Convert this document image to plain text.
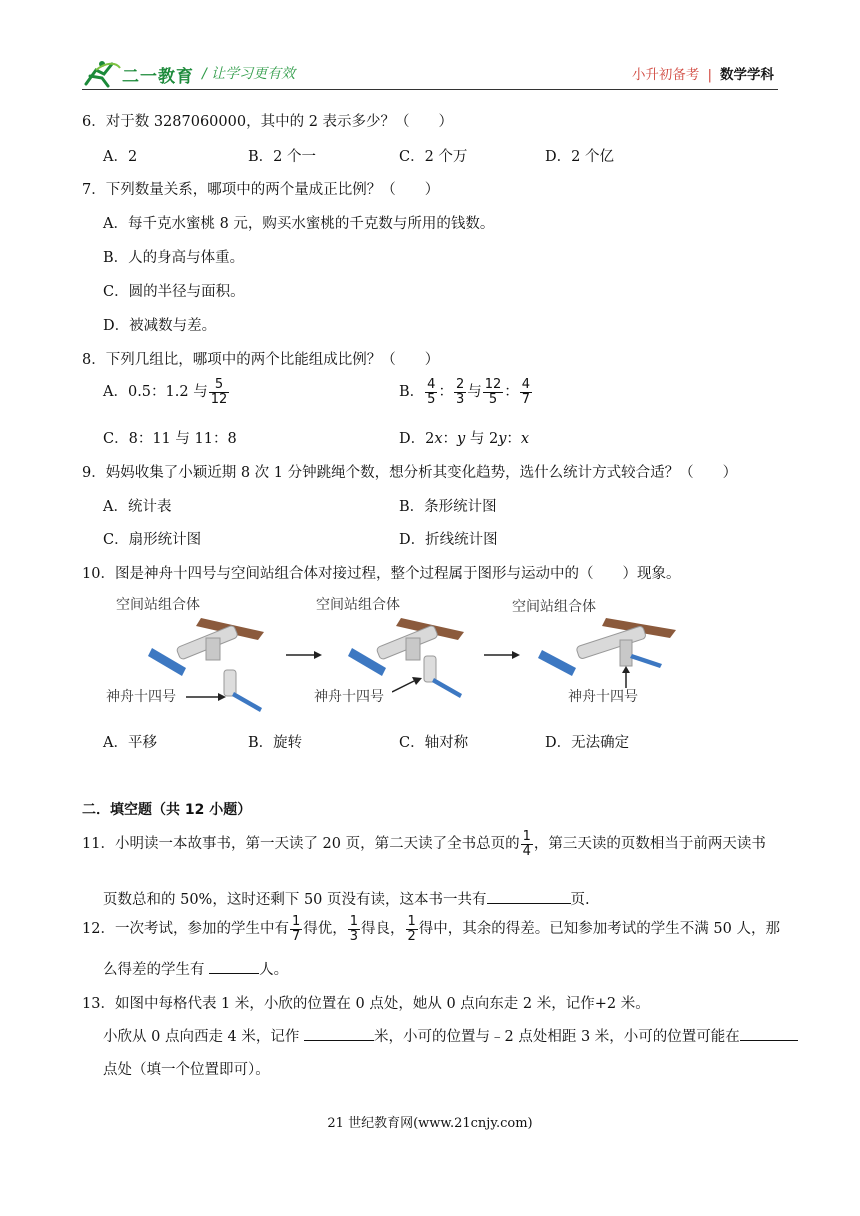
二一教育 / 让学习更有效	小升初备考 | 数学学科
6．对于数 3287060000，其中的 2 表示多少？（　　）
A．2	B．2 个一	C．2 个万	D．2 个亿
7．下列数量关系，哪项中的两个量成正比例？（　　）
A．每千克水蜜桃 8 元，购买水蜜桃的千克数与所用的钱数。
B．人的身高与体重。
C．圆的半径与面积。
D．被减数与差。
8．下列几组比，哪项中的两个比能组成比例？（　　）
A．0.5：1.2 与 $\frac{5}{12}$	B． $\frac{4}{5}$ ： $\frac{2}{3}$ 与 $\frac{12}{5}$ ： $\frac{4}{7}$
C．8：11 与 11：8	D．2x：y 与 2y：x
9．妈妈收集了小颖近期 8 次 1 分钟跳绳个数，想分析其变化趋势，选什么统计方式较合适？（　　）
A．统计表	B．条形统计图
C．扇形统计图	D．折线统计图
10．图是神舟十四号与空间站组合体对接过程，整个过程属于图形与运动中的（　　）现象。
空间站组合体
神舟十四号
空间站组合体
神舟十四号
空间站组合体
神舟十四号
A．平移	B．旋转	C．轴对称	D．无法确定
二．填空题（共 12 小题）
11．小明读一本故事书，第一天读了 20 页，第二天读了全书总页的 $\frac{1}{4}$ ，第三天读的页数相当于前两天读书
页数总和的 50%，这时还剩下 50 页没有读，这本书一共有	页.
12．一次考试，参加的学生中有 $\frac{1}{7}$ 得优， $\frac{1}{3}$ 得良， $\frac{1}{2}$ 得中，其余的得差。已知参加考试的学生不满 50 人，那
么得差的学生有	人。
13．如图中每格代表 1 米，小欣的位置在 0 点处，她从 0 点向东走 2 米，记作+2 米。
小欣从 0 点向西走 4 米，记作	米，小可的位置与﹣2 点处相距 3 米，小可的位置可能在
点处（填一个位置即可）。
21 世纪教育网(www.21cnjy.com)
